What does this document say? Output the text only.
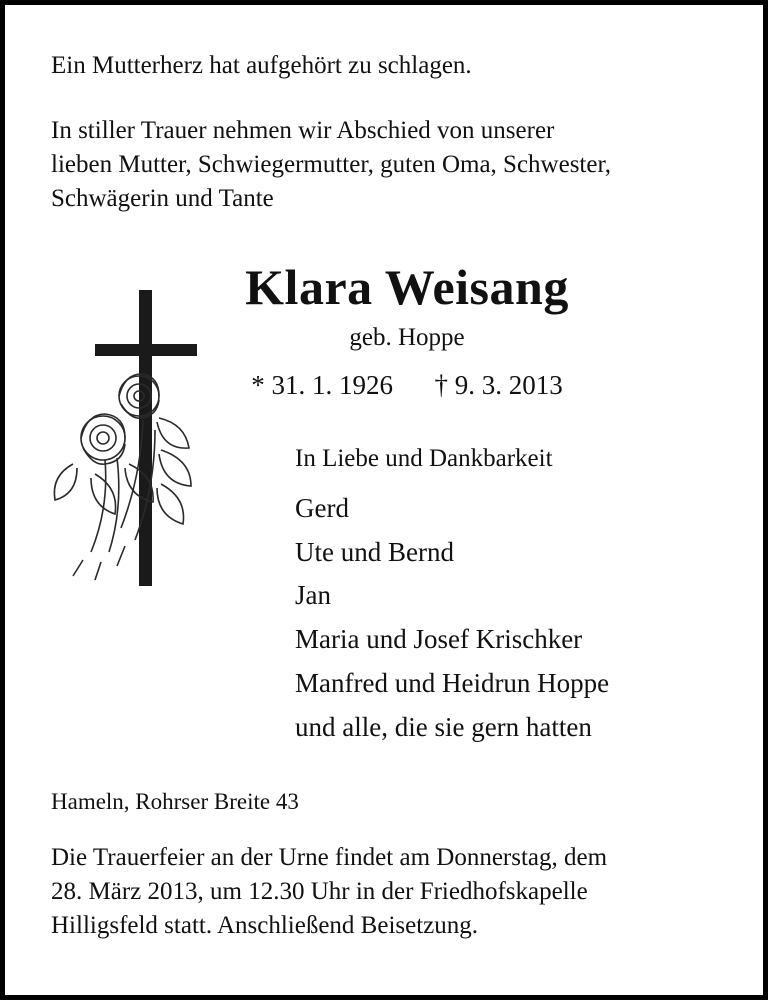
Ein Mutterherz hat aufgehört zu schlagen.

In stiller Trauer nehmen wir Abschied von unserer
lieben Mutter, Schwiegermutter, guten Oma, Schwester,
Schwägerin und Tante
Klara Weisang
geb. Hoppe
* 31. 1. 1926 † 9. 3. 2013
In Liebe und Dankbarkeit
Gerd
Ute und Bernd
Jan
Maria und Josef Krischker
Manfred und Heidrun Hoppe
und alle, die sie gern hatten
Hameln, Rohrser Breite 43
Die Trauerfeier an der Urne findet am Donnerstag, dem
28. März 2013, um 12.30 Uhr in der Friedhofskapelle
Hilligsfeld statt. Anschließend Beisetzung.
